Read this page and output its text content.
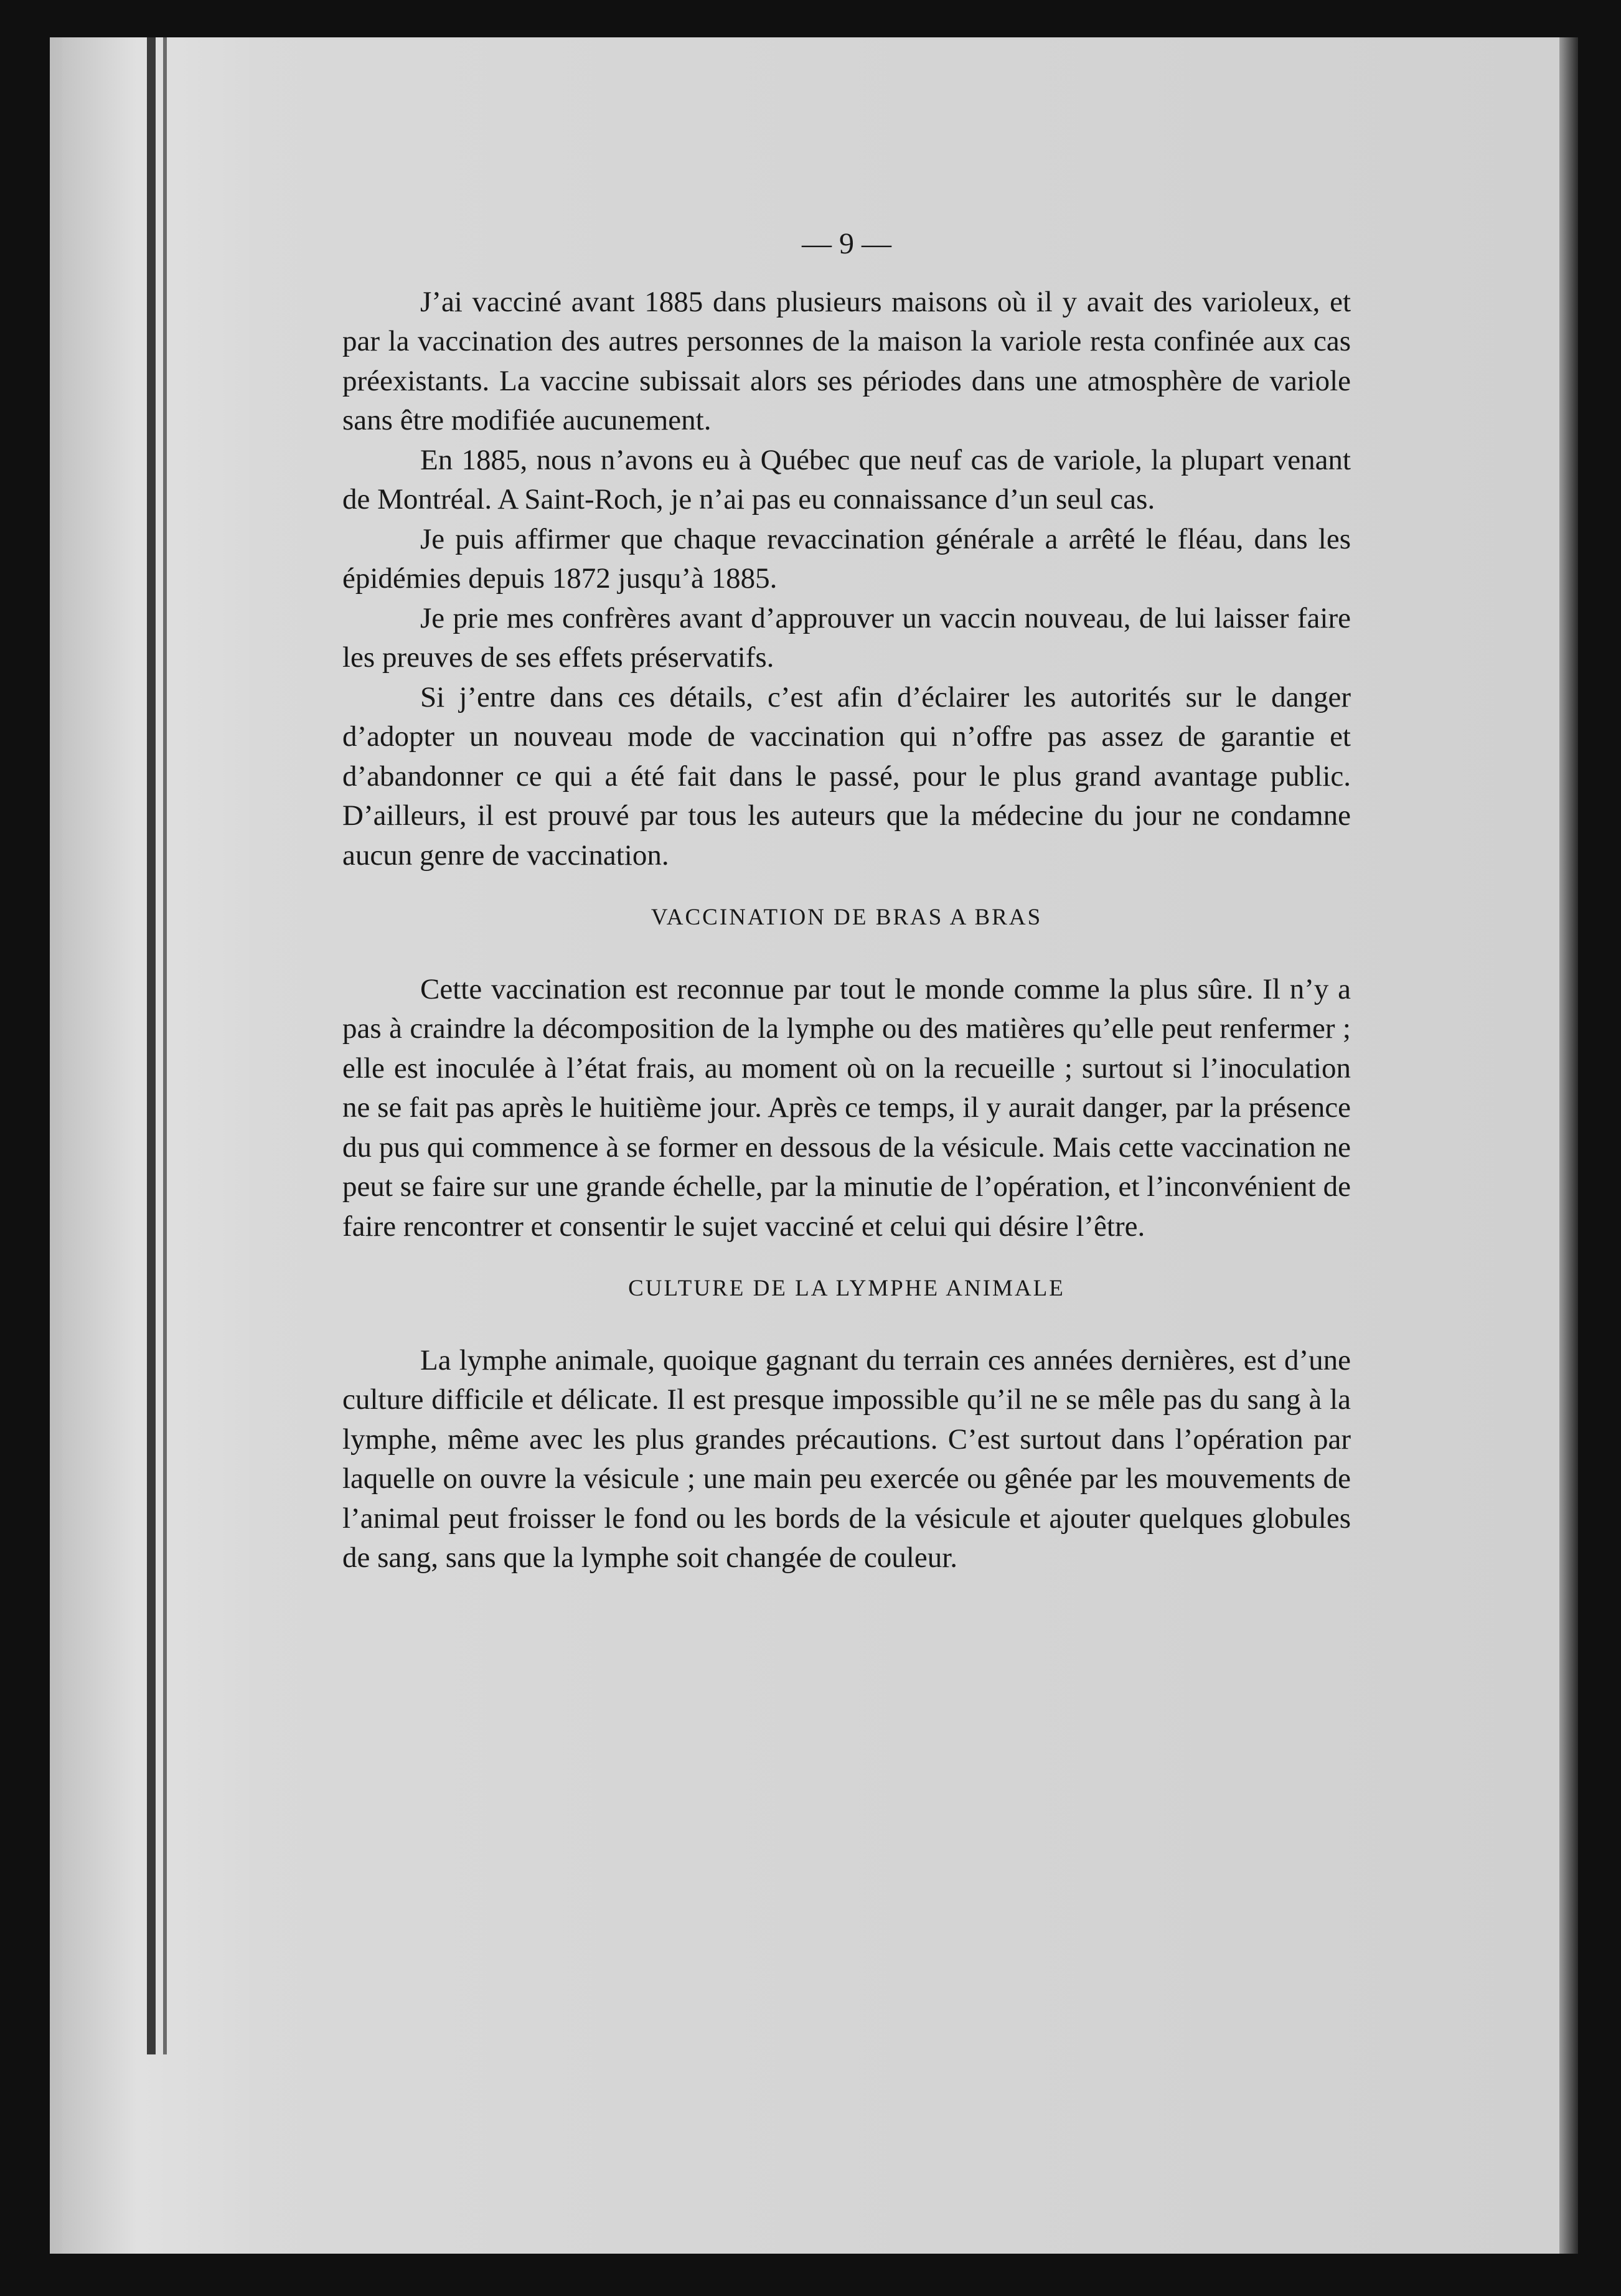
— 9 —

J’ai vacciné avant 1885 dans plusieurs maisons où il y avait des varioleux, et par la vaccination des autres personnes de la maison la variole resta confinée aux cas préexistants. La vaccine subissait alors ses périodes dans une atmosphère de variole sans être modifiée aucunement.

En 1885, nous n’avons eu à Québec que neuf cas de variole, la plupart venant de Montréal. A Saint-Roch, je n’ai pas eu connaissance d’un seul cas.

Je puis affirmer que chaque revaccination générale a arrêté le fléau, dans les épidémies depuis 1872 jusqu’à 1885.

Je prie mes confrères avant d’approuver un vaccin nouveau, de lui laisser faire les preuves de ses effets préservatifs.

Si j’entre dans ces détails, c’est afin d’éclairer les autorités sur le danger d’adopter un nouveau mode de vaccination qui n’offre pas assez de garantie et d’abandonner ce qui a été fait dans le passé, pour le plus grand avantage public. D’ailleurs, il est prouvé par tous les auteurs que la médecine du jour ne condamne aucun genre de vaccination.

VACCINATION DE BRAS A BRAS

Cette vaccination est reconnue par tout le monde comme la plus sûre. Il n’y a pas à craindre la décomposition de la lymphe ou des matières qu’elle peut renfermer ; elle est inoculée à l’état frais, au moment où on la recueille ; surtout si l’inoculation ne se fait pas après le huitième jour. Après ce temps, il y aurait danger, par la présence du pus qui commence à se former en dessous de la vésicule. Mais cette vaccination ne peut se faire sur une grande échelle, par la minutie de l’opération, et l’inconvénient de faire rencontrer et consentir le sujet vacciné et celui qui désire l’être.

CULTURE DE LA LYMPHE ANIMALE

La lymphe animale, quoique gagnant du terrain ces années dernières, est d’une culture difficile et délicate. Il est presque impossible qu’il ne se mêle pas du sang à la lymphe, même avec les plus grandes précautions. C’est surtout dans l’opération par laquelle on ouvre la vésicule ; une main peu exercée ou gênée par les mouvements de l’animal peut froisser le fond ou les bords de la vésicule et ajouter quelques globules de sang, sans que la lymphe soit changée de couleur.
